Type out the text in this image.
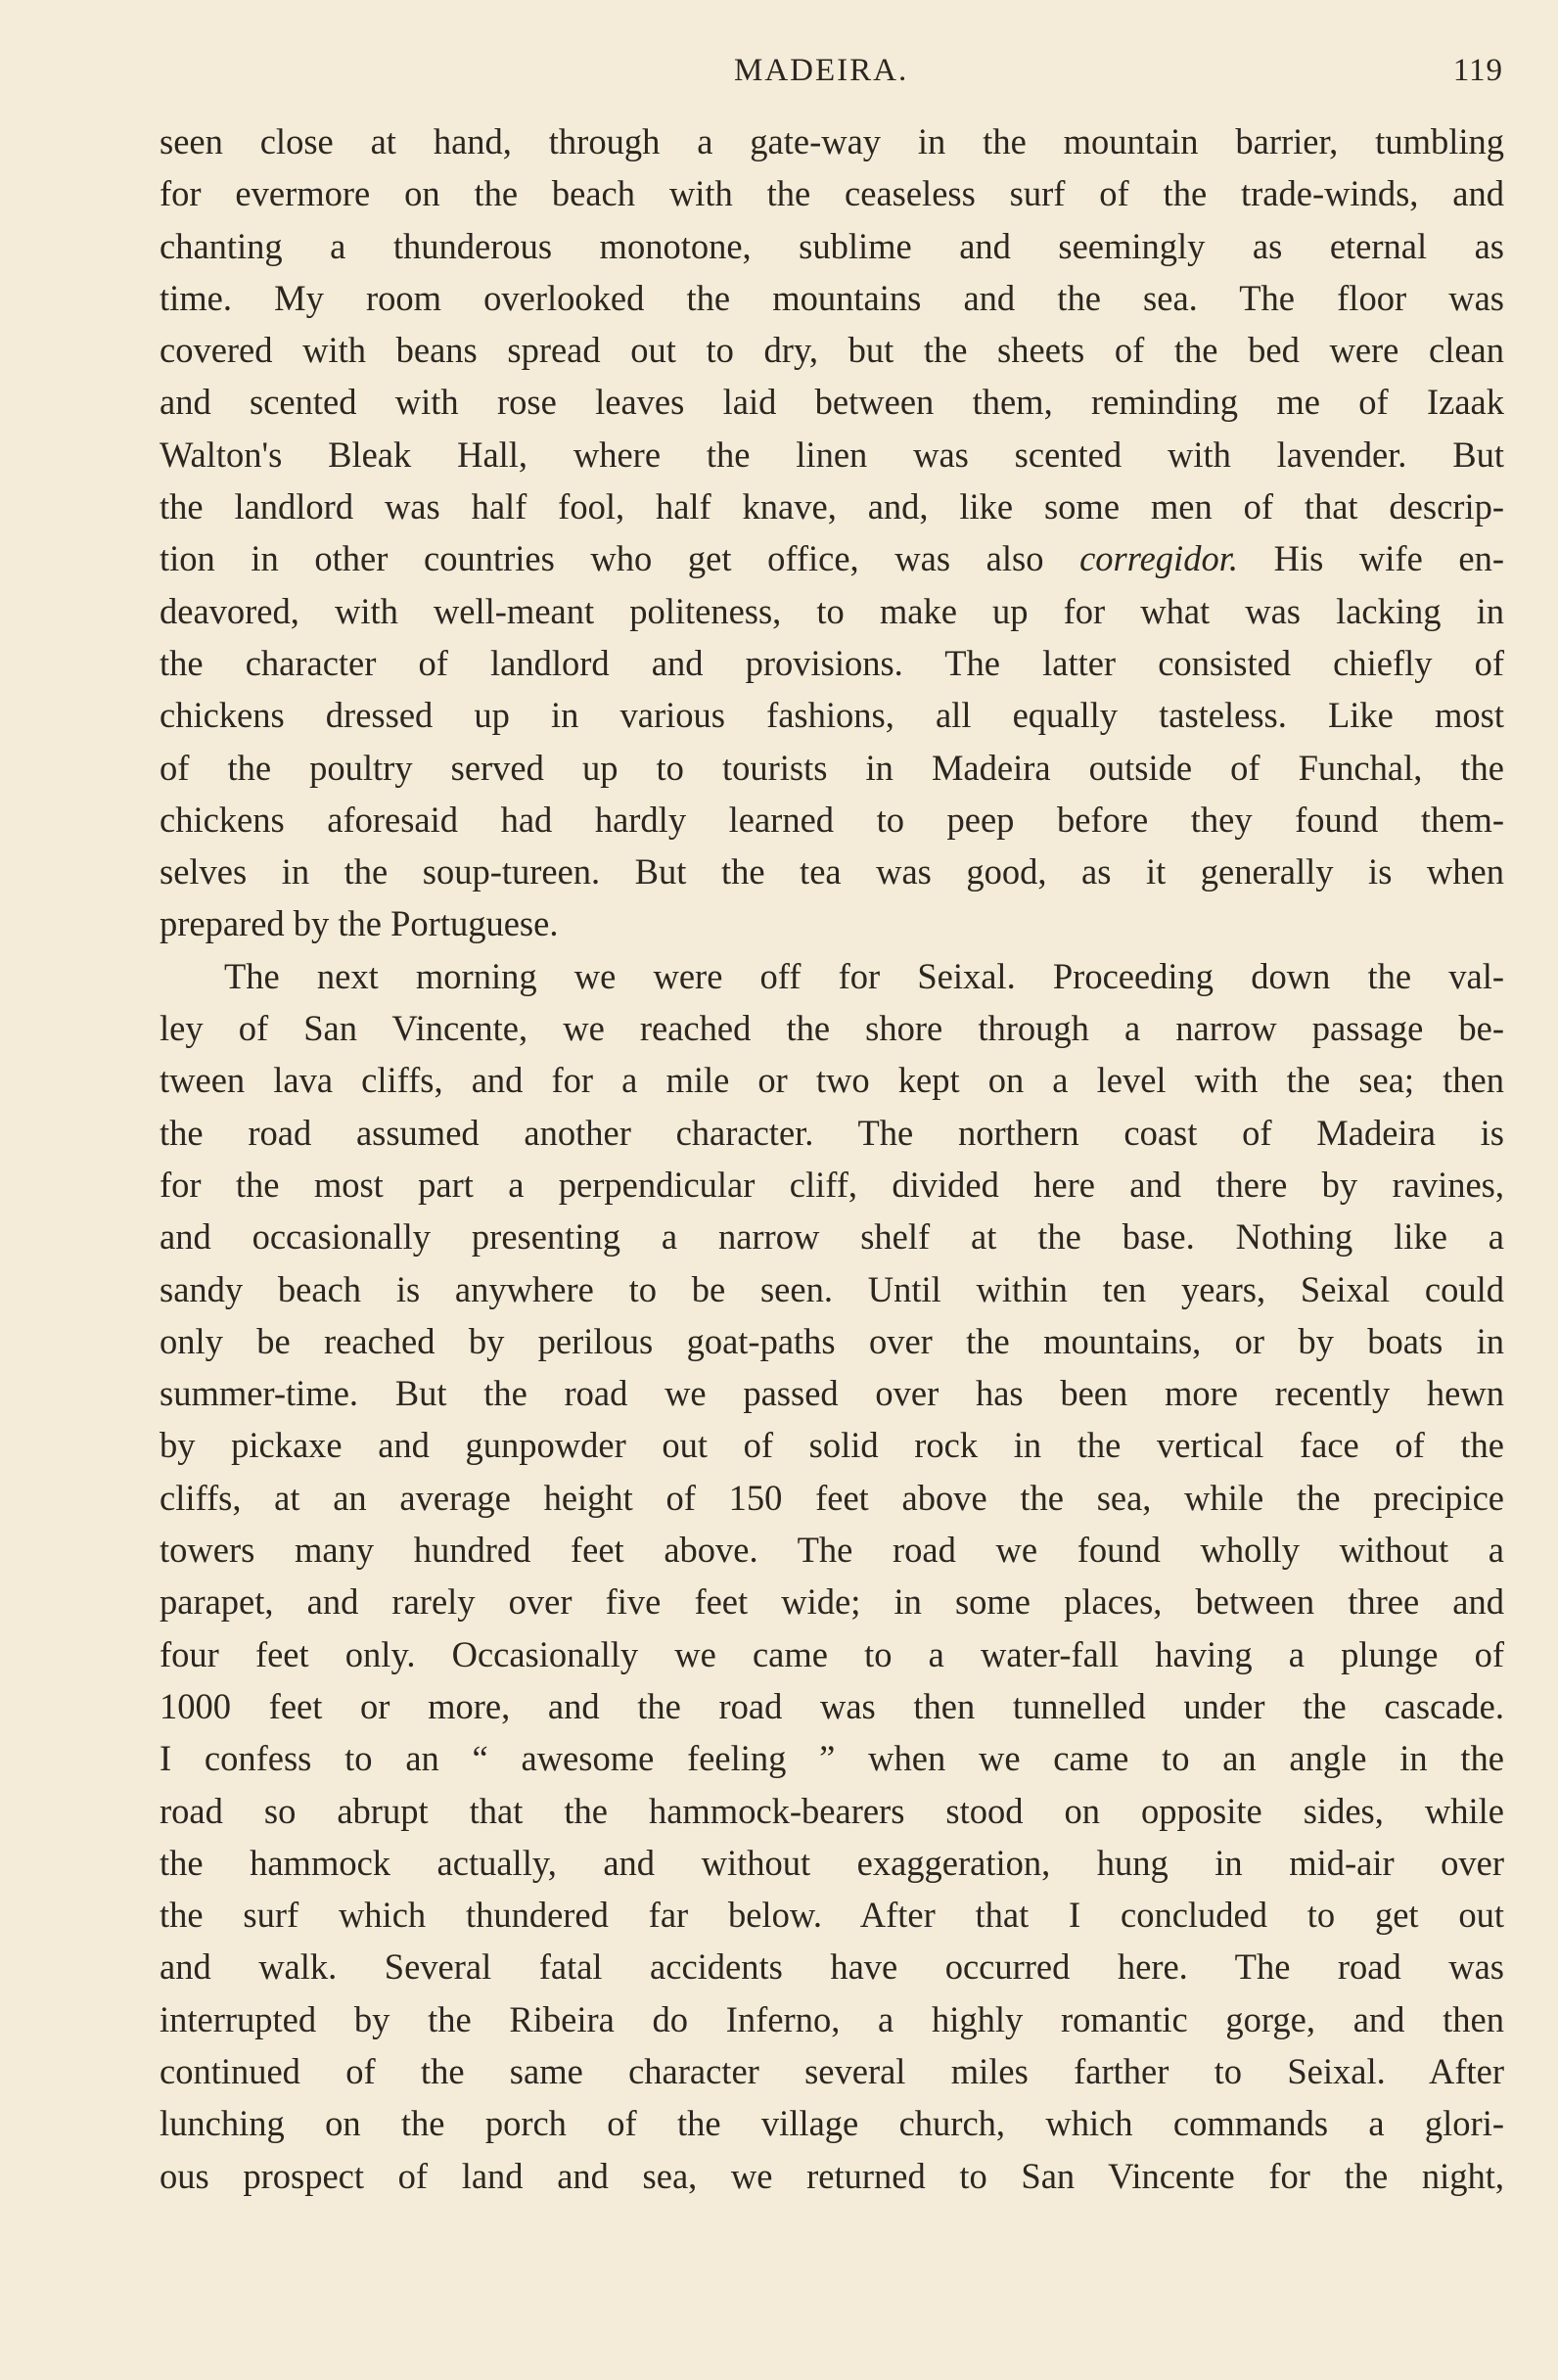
MADEIRA.	119
seen close at hand, through a gate-way in the mountain barrier, tumbling
for evermore on the beach with the ceaseless surf of the trade-winds, and
chanting a thunderous monotone, sublime and seemingly as eternal as
time. My room overlooked the mountains and the sea. The floor was
covered with beans spread out to dry, but the sheets of the bed were clean
and scented with rose leaves laid between them, reminding me of Izaak
Walton's Bleak Hall, where the linen was scented with lavender. But
the landlord was half fool, half knave, and, like some men of that descrip-
tion in other countries who get office, was also corregidor. His wife en-
deavored, with well-meant politeness, to make up for what was lacking in
the character of landlord and provisions. The latter consisted chiefly of
chickens dressed up in various fashions, all equally tasteless. Like most
of the poultry served up to tourists in Madeira outside of Funchal, the
chickens aforesaid had hardly learned to peep before they found them-
selves in the soup-tureen. But the tea was good, as it generally is when
prepared by the Portuguese.
The next morning we were off for Seixal. Proceeding down the val-
ley of San Vincente, we reached the shore through a narrow passage be-
tween lava cliffs, and for a mile or two kept on a level with the sea; then
the road assumed another character. The northern coast of Madeira is
for the most part a perpendicular cliff, divided here and there by ravines,
and occasionally presenting a narrow shelf at the base. Nothing like a
sandy beach is anywhere to be seen. Until within ten years, Seixal could
only be reached by perilous goat-paths over the mountains, or by boats in
summer-time. But the road we passed over has been more recently hewn
by pickaxe and gunpowder out of solid rock in the vertical face of the
cliffs, at an average height of 150 feet above the sea, while the precipice
towers many hundred feet above. The road we found wholly without a
parapet, and rarely over five feet wide; in some places, between three and
four feet only. Occasionally we came to a water-fall having a plunge of
1000 feet or more, and the road was then tunnelled under the cascade.
I confess to an “ awesome feeling ” when we came to an angle in the
road so abrupt that the hammock-bearers stood on opposite sides, while
the hammock actually, and without exaggeration, hung in mid-air over
the surf which thundered far below. After that I concluded to get out
and walk. Several fatal accidents have occurred here. The road was
interrupted by the Ribeira do Inferno, a highly romantic gorge, and then
continued of the same character several miles farther to Seixal. After
lunching on the porch of the village church, which commands a glori-
ous prospect of land and sea, we returned to San Vincente for the night,
